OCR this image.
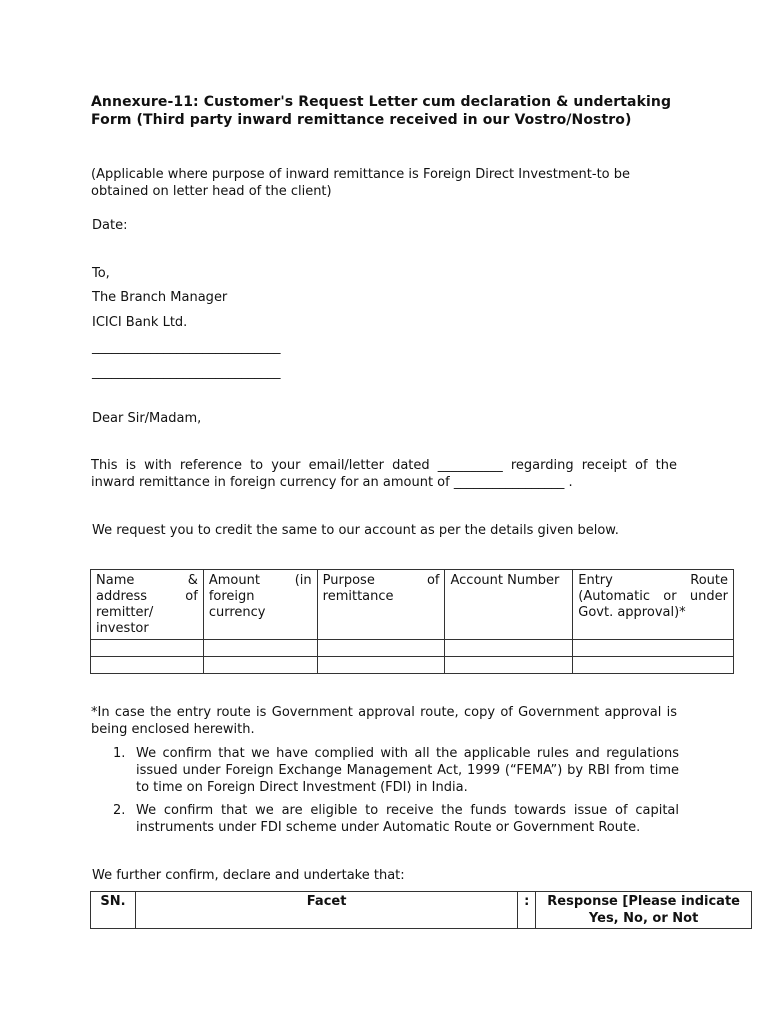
Annexure-11: Customer's Request Letter cum declaration & undertaking Form (Third party inward remittance received in our Vostro/Nostro)
(Applicable where purpose of inward remittance is Foreign Direct Investment-to be obtained on letter head of the client)
Date:
To,
The Branch Manager
ICICI Bank Ltd.
_____________________________
_____________________________
Dear Sir/Madam,
This is with reference to your email/letter dated __________ regarding receipt of the inward remittance in foreign currency for an amount of _________________ .
We request you to credit the same to our account as per the details given below.
Name & address of remitter/ investor	Amount (in foreign currency	Purpose of remittance	Account Number	Entry Route (Automatic or under Govt. approval)*

*In case the entry route is Government approval route, copy of Government approval is being enclosed herewith.
1. We confirm that we have complied with all the applicable rules and regulations issued under Foreign Exchange Management Act, 1999 (“FEMA”) by RBI from time to time on Foreign Direct Investment (FDI) in India.
2. We confirm that we are eligible to receive the funds towards issue of capital instruments under FDI scheme under Automatic Route or Government Route.
We further confirm, declare and undertake that:
SN.	Facet	:	Response [Please indicate Yes, No, or Not
